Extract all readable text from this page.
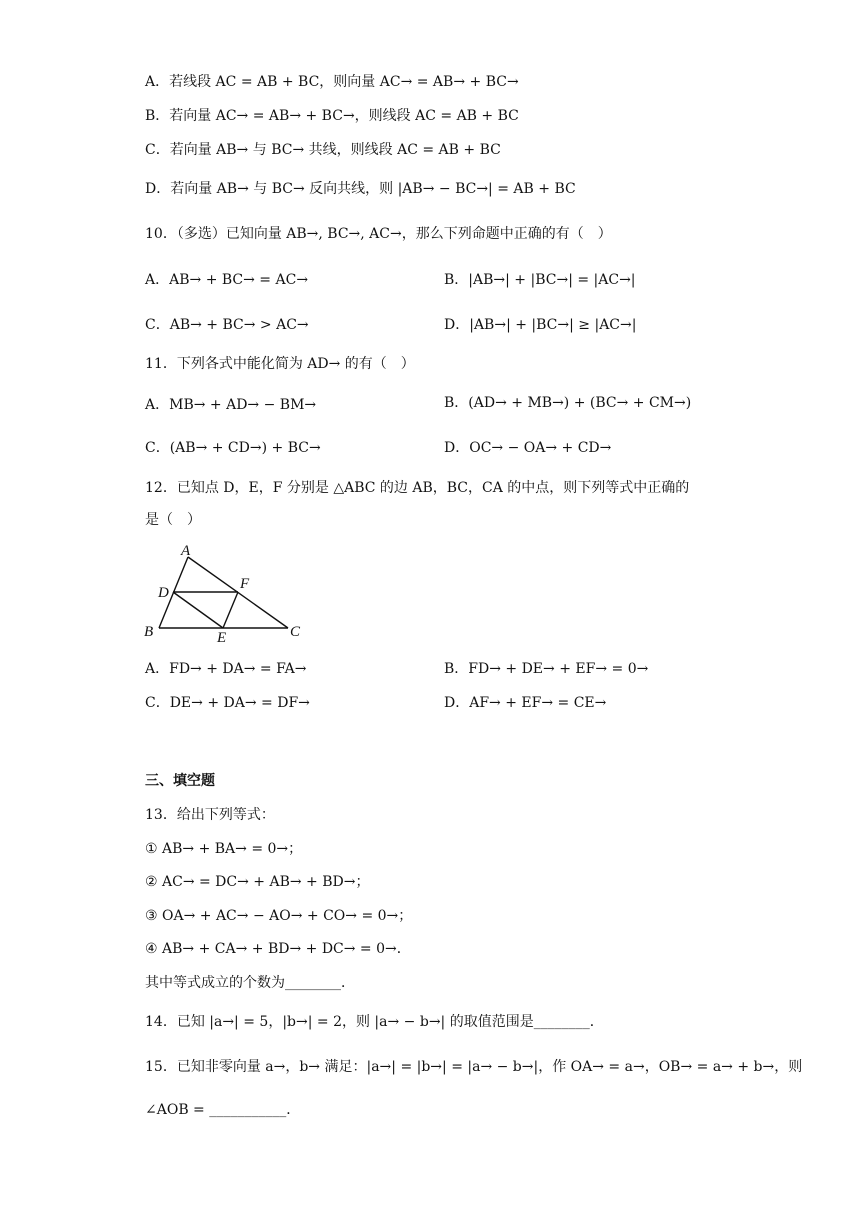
A．若线段 AC = AB + BC，则向量 AC→ = AB→ + BC→
B．若向量 AC→ = AB→ + BC→，则线段 AC = AB + BC
C．若向量 AB→ 与 BC→ 共线，则线段 AC = AB + BC
D．若向量 AB→ 与 BC→ 反向共线，则 |AB→ − BC→| = AB + BC
10．（多选）已知向量 AB→, BC→, AC→，那么下列命题中正确的有（　）
A．AB→ + BC→ = AC→	B．|AB→| + |BC→| = |AC→|
C．AB→ + BC→ > AC→	D．|AB→| + |BC→| ≥ |AC→|
11．下列各式中能化简为 AD→ 的有（　）
A．MB→ + AD→ − BM→	B．(AD→ + MB→) + (BC→ + CM→)
C．(AB→ + CD→) + BC→	D．OC→ − OA→ + CD→
12．已知点 D，E，F 分别是 △ABC 的边 AB，BC，CA 的中点，则下列等式中正确的
是（　）
A
D
F
B	E	C
A．FD→ + DA→ = FA→	B．FD→ + DE→ + EF→ = 0→
C．DE→ + DA→ = DF→	D．AF→ + EF→ = CE→
三、填空题
13．给出下列等式：
① AB→ + BA→ = 0→；
② AC→ = DC→ + AB→ + BD→；
③ OA→ + AC→ − AO→ + CO→ = 0→；
④ AB→ + CA→ + BD→ + DC→ = 0→．
其中等式成立的个数为________．
14．已知 |a→| = 5，|b→| = 2，则 |a→ − b→| 的取值范围是________．
15．已知非零向量 a→，b→ 满足：|a→| = |b→| = |a→ − b→|，作 OA→ = a→，OB→ = a→ + b→，则
∠AOB = ___________．
